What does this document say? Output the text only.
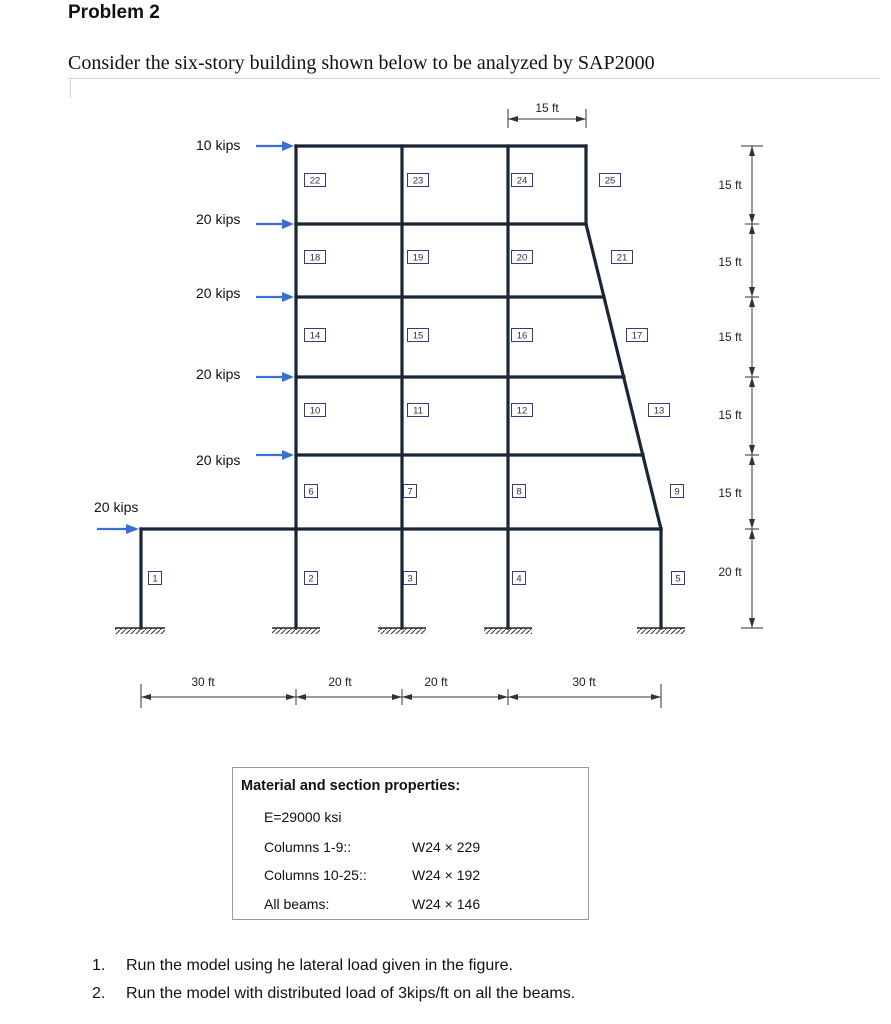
Problem 2
Consider the six-story building shown below to be analyzed by SAP2000
10 kips
20 kips
20 kips
20 kips
20 kips
20 kips
1	2	3	4	5
6	7	8	9
10	11	12	13
14	15	16	17
18	19	20	21
22	23	24	25
15 ft
30 ft	20 ft	20 ft	30 ft
15 ft
15 ft
15 ft
15 ft
15 ft
20 ft
Material and section properties:
E=29000 ksi
Columns 1-9::	W24 × 229
Columns 10-25::	W24 × 192
All beams:	W24 × 146
1. Run the model using he lateral load given in the figure.
2. Run the model with distributed load of 3kips/ft on all the beams.
